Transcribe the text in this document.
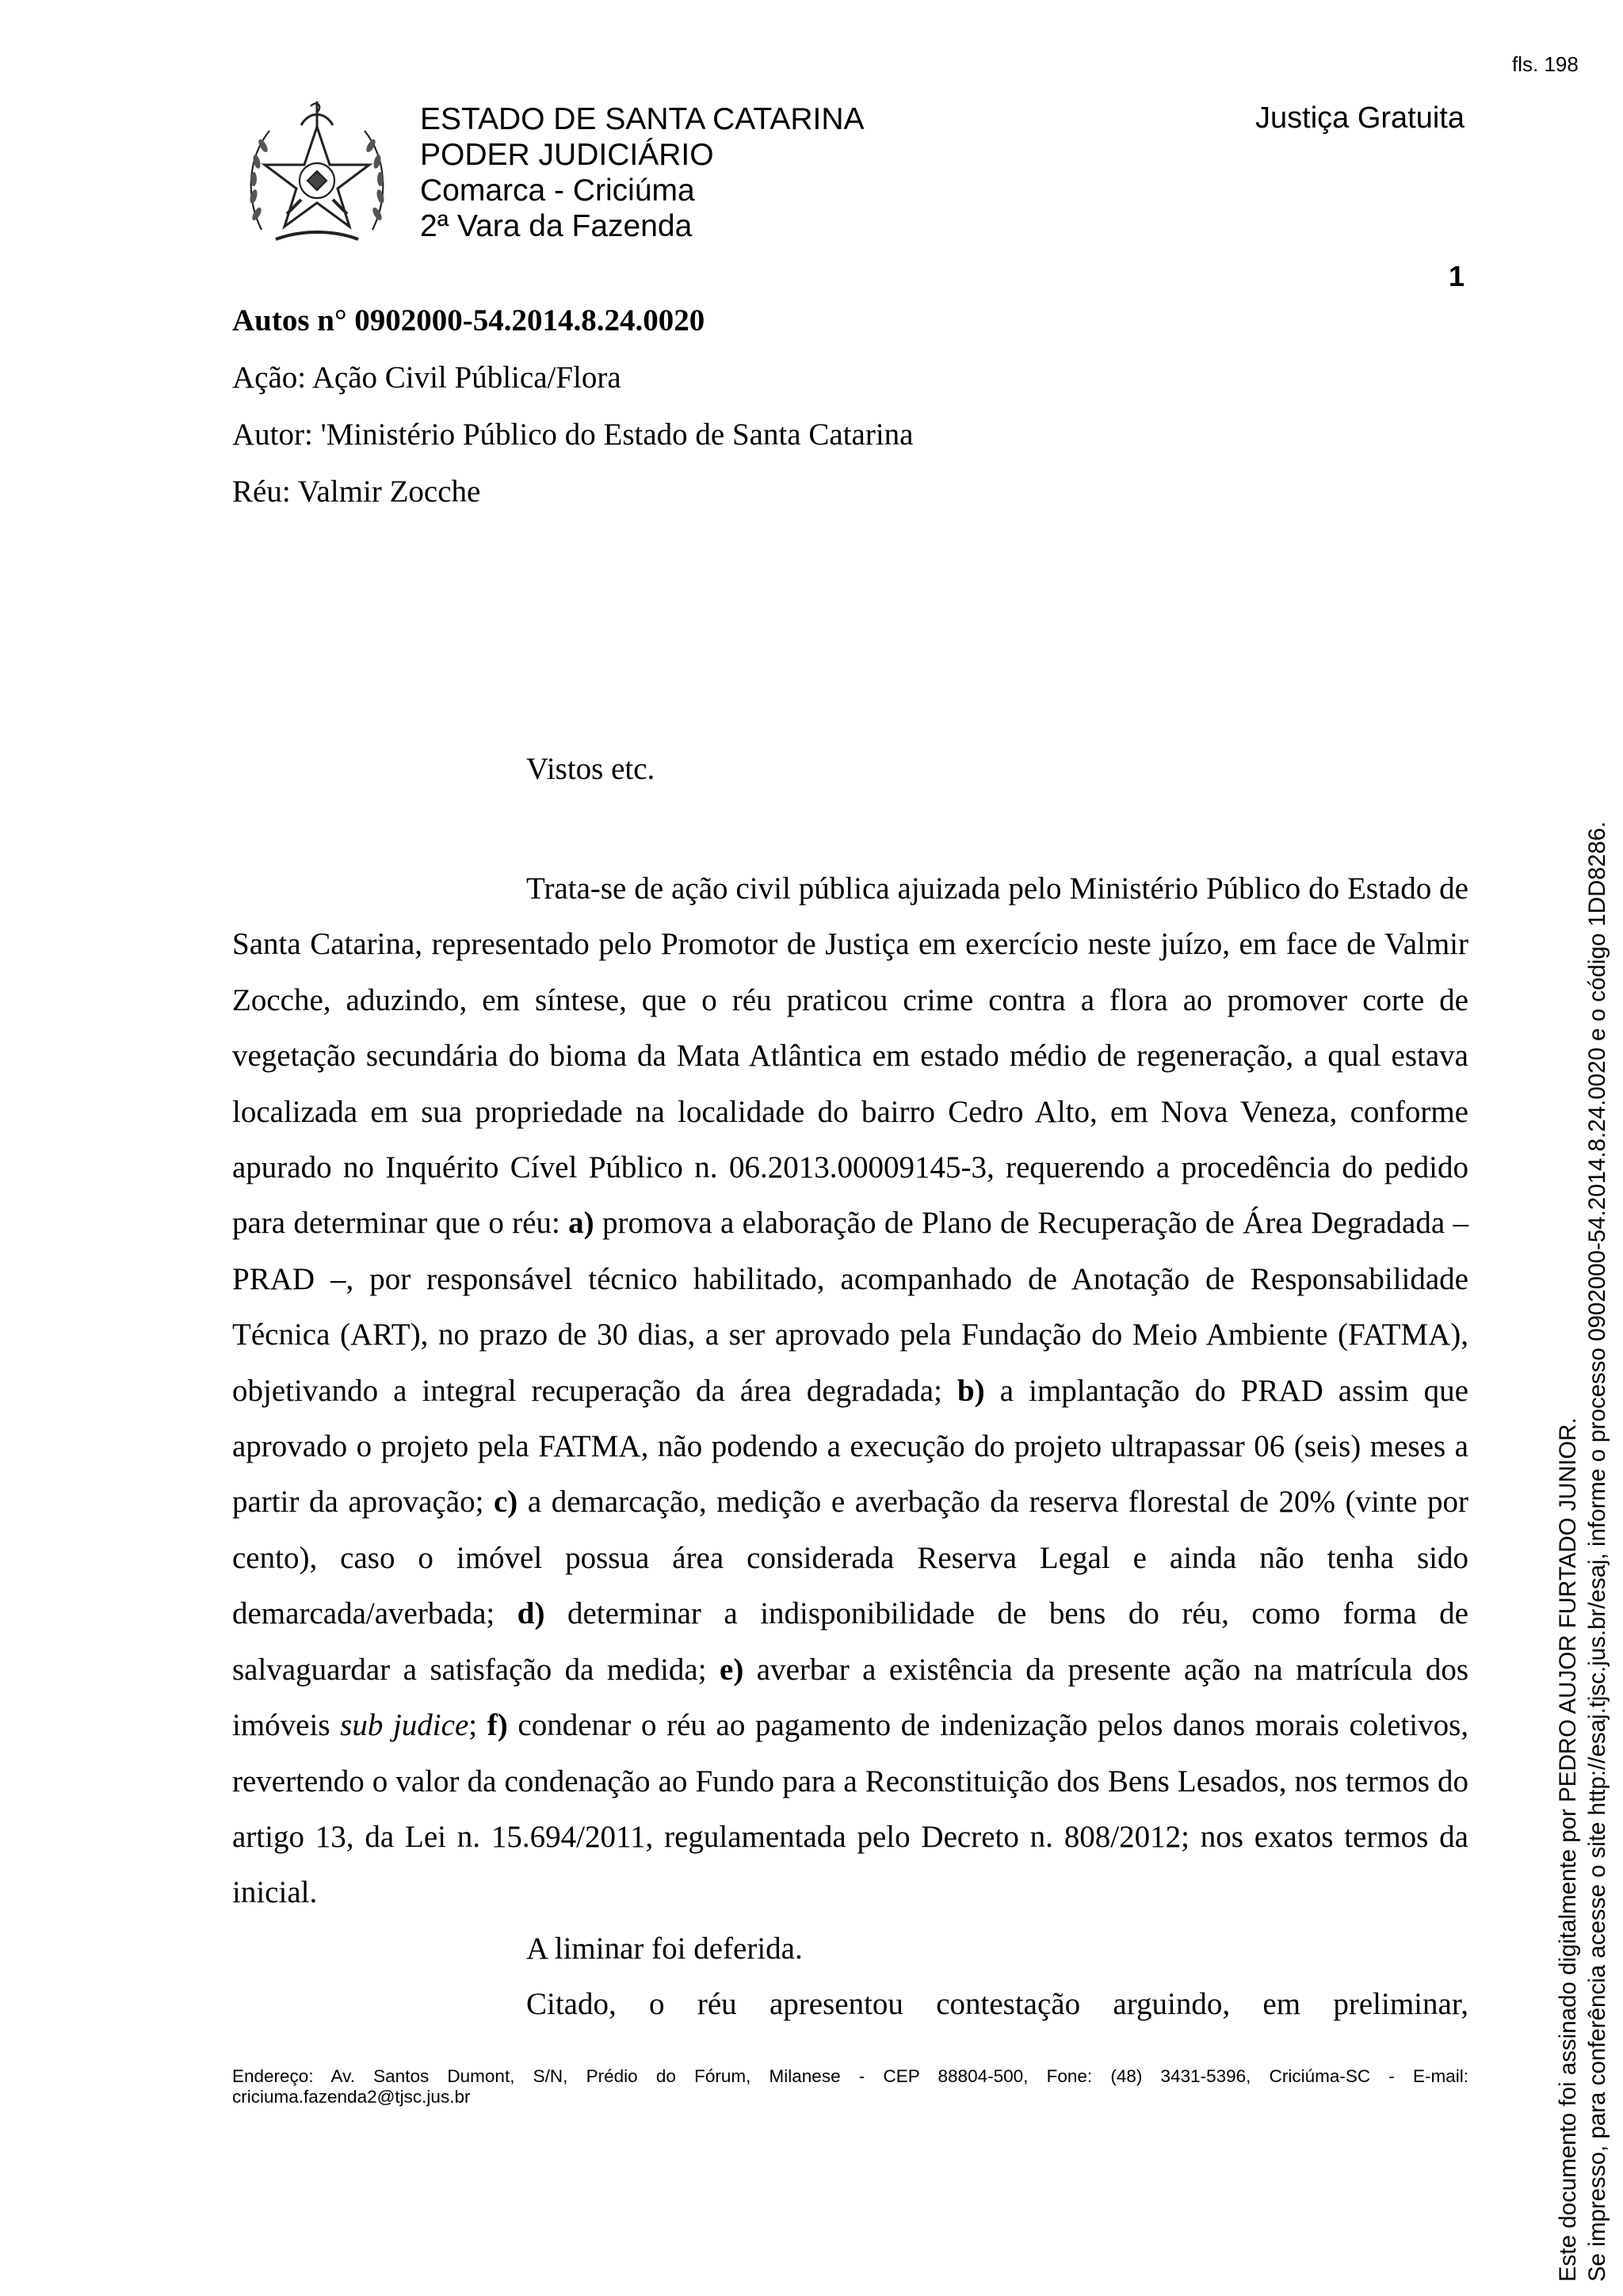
fls. 198
ESTADO DE SANTA CATARINA
PODER JUDICIÁRIO
Comarca - Criciúma
2ª Vara da Fazenda
Justiça Gratuita
1
Autos n° 0902000-54.2014.8.24.0020
Ação: Ação Civil Pública/Flora
Autor: 'Ministério Público do Estado de Santa Catarina
Réu: Valmir Zocche
Vistos etc.

Trata-se de ação civil pública ajuizada pelo Ministério Público do Estado de Santa Catarina, representado pelo Promotor de Justiça em exercício neste juízo, em face de Valmir Zocche, aduzindo, em síntese, que o réu praticou crime contra a flora ao promover corte de vegetação secundária do bioma da Mata Atlântica em estado médio de regeneração, a qual estava localizada em sua propriedade na localidade do bairro Cedro Alto, em Nova Veneza, conforme apurado no Inquérito Cível Público n. 06.2013.00009145-3, requerendo a procedência do pedido para determinar que o réu: a) promova a elaboração de Plano de Recuperação de Área Degradada – PRAD –, por responsável técnico habilitado, acompanhado de Anotação de Responsabilidade Técnica (ART), no prazo de 30 dias, a ser aprovado pela Fundação do Meio Ambiente (FATMA), objetivando a integral recuperação da área degradada; b) a implantação do PRAD assim que aprovado o projeto pela FATMA, não podendo a execução do projeto ultrapassar 06 (seis) meses a partir da aprovação; c) a demarcação, medição e averbação da reserva florestal de 20% (vinte por cento), caso o imóvel possua área considerada Reserva Legal e ainda não tenha sido demarcada/averbada; d) determinar a indisponibilidade de bens do réu, como forma de salvaguardar a satisfação da medida; e) averbar a existência da presente ação na matrícula dos imóveis sub judice; f) condenar o réu ao pagamento de indenização pelos danos morais coletivos, revertendo o valor da condenação ao Fundo para a Reconstituição dos Bens Lesados, nos termos do artigo 13, da Lei n. 15.694/2011, regulamentada pelo Decreto n. 808/2012; nos exatos termos da inicial.

A liminar foi deferida.

Citado, o réu apresentou contestação arguindo, em preliminar,

Endereço: Av. Santos Dumont, S/N, Prédio do Fórum, Milanese - CEP 88804-500, Fone: (48) 3431-5396, Criciúma-SC - E-mail: criciuma.fazenda2@tjsc.jus.br	Este documento foi assinado digitalmente por PEDRO AUJOR FURTADO JUNIOR. Se impresso, para conferência acesse o site http://esaj.tjsc.jus.br/esaj, informe o processo 0902000-54.2014.8.24.0020 e o código 1DD8286.
